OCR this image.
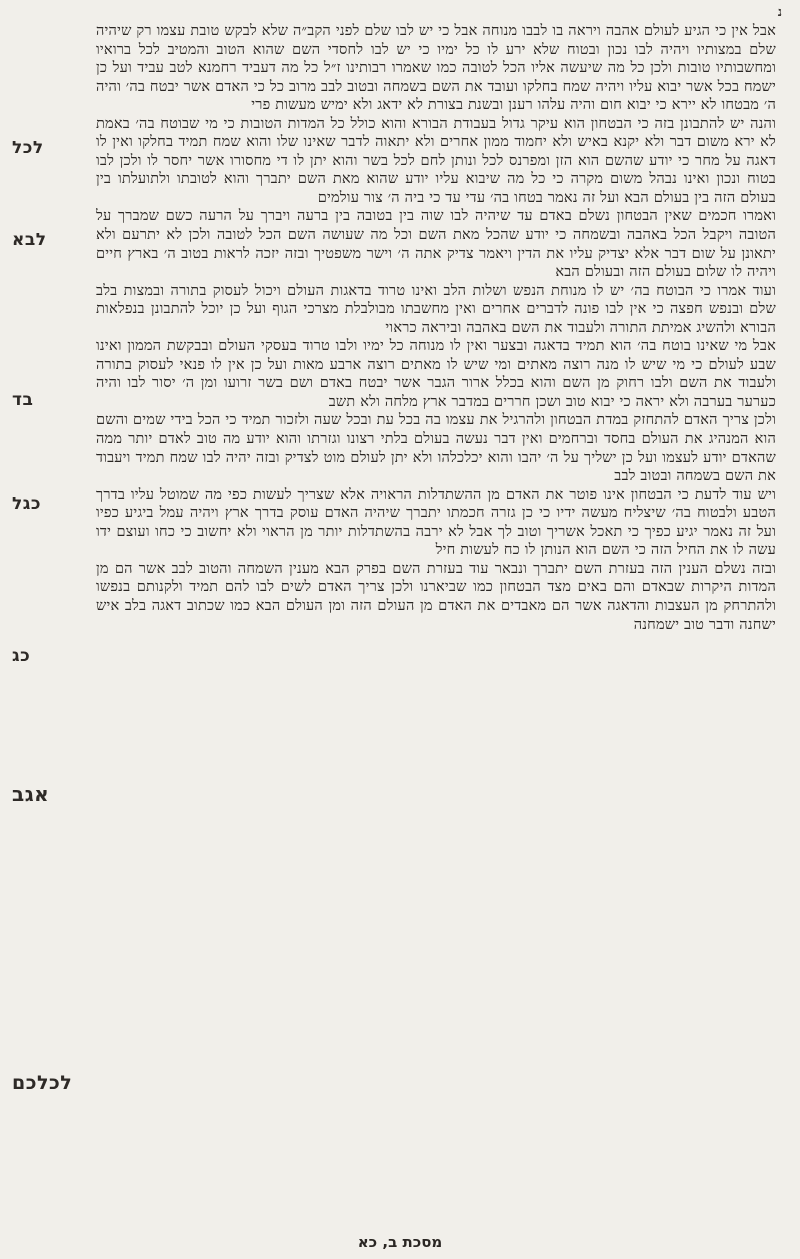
נ
לכל
לבא
בד
כגל
כג
אגב
לכלכם

אבל אין כי הגיע לעולם אהבה ויראה בו לבבו מנוחה אבל כי יש לבו שלם לפני הקב״ה שלא לבקש טובת עצמו רק שיהיה שלם במצותיו ויהיה לבו נכון ובטוח שלא ירע לו כל ימיו כי יש לבו לחסדי השם שהוא הטוב והמטיב לכל ברואיו ומחשבותיו טובות ולכן כל מה שיעשה אליו הכל לטובה כמו שאמרו רבותינו ז״ל כל מה דעביד רחמנא לטב עביד ועל כן ישמח בכל אשר יבוא עליו ויהיה שמח בחלקו ועובד את השם בשמחה ובטוב לבב מרוב כל כי האדם אשר יבטח בה׳ והיה ה׳ מבטחו לא יירא כי יבוא חום והיה עלהו רענן ובשנת בצורת לא ידאג ולא ימיש מעשות פרי

והנה יש להתבונן בזה כי הבטחון הוא עיקר גדול בעבודת הבורא והוא כולל כל המדות הטובות כי מי שבוטח בה׳ באמת לא ירא משום דבר ולא יקנא באיש ולא יחמוד ממון אחרים ולא יתאוה לדבר שאינו שלו והוא שמח תמיד בחלקו ואין לו דאגה על מחר כי יודע שהשם הוא הזן ומפרנס לכל ונותן לחם לכל בשר והוא יתן לו די מחסורו אשר יחסר לו ולכן לבו בטוח ונכון ואינו נבהל משום מקרה כי כל מה שיבוא עליו יודע שהוא מאת השם יתברך והוא לטובתו ולתועלתו בין בעולם הזה בין בעולם הבא ועל זה נאמר בטחו בה׳ עדי עד כי ביה ה׳ צור עולמים

ואמרו חכמים שאין הבטחון נשלם באדם עד שיהיה לבו שוה בין בטובה בין ברעה ויברך על הרעה כשם שמברך על הטובה ויקבל הכל באהבה ובשמחה כי יודע שהכל מאת השם וכל מה שעושה השם הכל לטובה ולכן לא יתרעם ולא יתאונן על שום דבר אלא יצדיק עליו את הדין ויאמר צדיק אתה ה׳ וישר משפטיך ובזה יזכה לראות בטוב ה׳ בארץ חיים ויהיה לו שלום בעולם הזה ובעולם הבא

ועוד אמרו כי הבוטח בה׳ יש לו מנוחת הנפש ושלות הלב ואינו טרוד בדאגות העולם ויכול לעסוק בתורה ובמצות בלב שלם ובנפש חפצה כי אין לבו פונה לדברים אחרים ואין מחשבתו מבולבלת מצרכי הגוף ועל כן יוכל להתבונן בנפלאות הבורא ולהשיג אמיתת התורה ולעבוד את השם באהבה וביראה כראוי

אבל מי שאינו בוטח בה׳ הוא תמיד בדאגה ובצער ואין לו מנוחה כל ימיו ולבו טרוד בעסקי העולם ובבקשת הממון ואינו שבע לעולם כי מי שיש לו מנה רוצה מאתים ומי שיש לו מאתים רוצה ארבע מאות ועל כן אין לו פנאי לעסוק בתורה ולעבוד את השם ולבו רחוק מן השם והוא בכלל ארור הגבר אשר יבטח באדם ושם בשר זרועו ומן ה׳ יסור לבו והיה כערער בערבה ולא יראה כי יבוא טוב ושכן חררים במדבר ארץ מלחה ולא תשב

ולכן צריך האדם להתחזק במדת הבטחון ולהרגיל את עצמו בה בכל עת ובכל שעה ולזכור תמיד כי הכל בידי שמים והשם הוא המנהיג את העולם בחסד וברחמים ואין דבר נעשה בעולם בלתי רצונו וגזרתו והוא יודע מה טוב לאדם יותר ממה שהאדם יודע לעצמו ועל כן ישליך על ה׳ יהבו והוא יכלכלהו ולא יתן לעולם מוט לצדיק ובזה יהיה לבו שמח תמיד ויעבוד את השם בשמחה ובטוב לבב

ויש עוד לדעת כי הבטחון אינו פוטר את האדם מן ההשתדלות הראויה אלא שצריך לעשות כפי מה שמוטל עליו בדרך הטבע ולבטוח בה׳ שיצליח מעשה ידיו כי כן גזרה חכמתו יתברך שיהיה האדם עוסק בדרך ארץ ויהיה עמל ביגיע כפיו ועל זה נאמר יגיע כפיך כי תאכל אשריך וטוב לך אבל לא ירבה בהשתדלות יותר מן הראוי ולא יחשוב כי כחו ועוצם ידו עשה לו את החיל הזה כי השם הוא הנותן לו כח לעשות חיל

ובזה נשלם הענין הזה בעזרת השם יתברך ונבאר עוד בעזרת השם בפרק הבא מענין השמחה והטוב לבב אשר הם מן המדות היקרות שבאדם והם באים מצד הבטחון כמו שביארנו ולכן צריך האדם לשים לבו להם תמיד ולקנותם בנפשו ולהתרחק מן העצבות והדאגה אשר הם מאבדים את האדם מן העולם הזה ומן העולם הבא כמו שכתוב דאגה בלב איש ישחנה ודבר טוב ישמחנה

מסכת ב, כא
